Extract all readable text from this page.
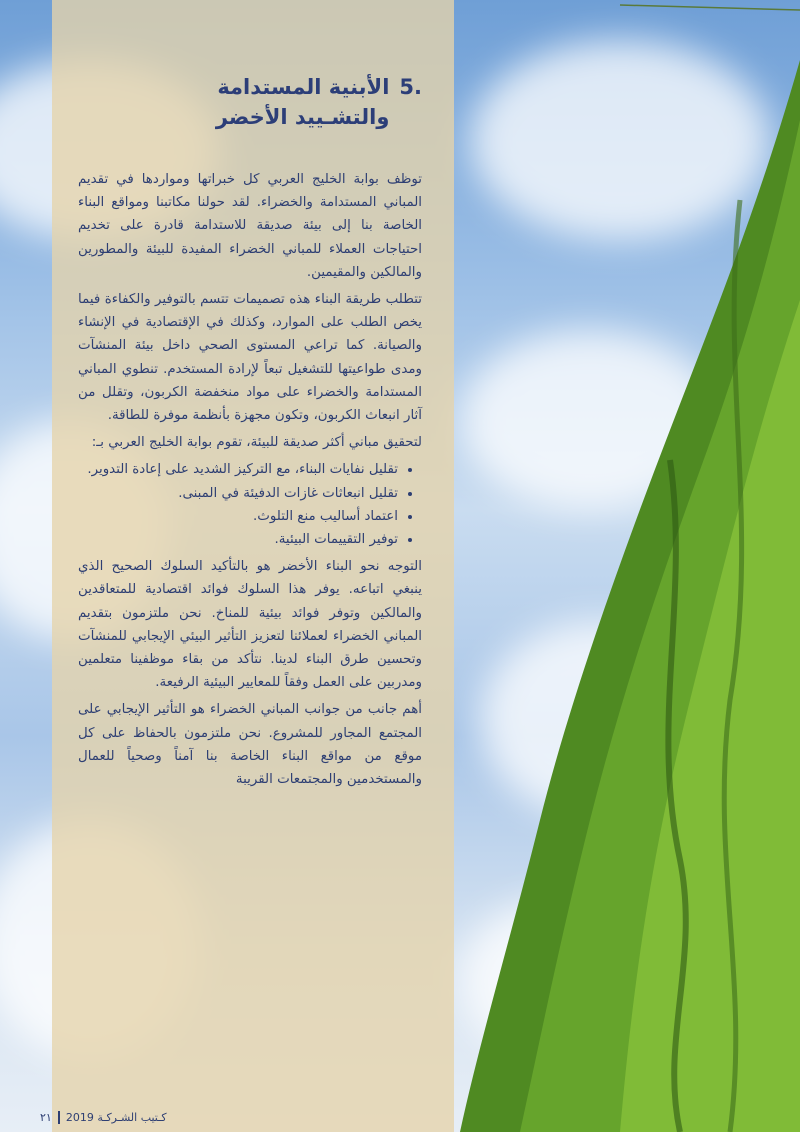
5.
الأبنية المستدامة
والتشـييد الأخضر

توظف بوابة الخليج العربي كل خبراتها ومواردها في تقديم المباني المستدامة والخضراء. لقد حولنا مكاتبنا ومواقع البناء الخاصة بنا إلى بيئة صديقة للاستدامة قادرة على تخديم احتياجات العملاء للمباني الخضراء المفيدة للبيئة والمطورين والمالكين والمقيمين.

تتطلب طريقة البناء هذه تصميمات تتسم بالتوفير والكفاءة فيما يخص الطلب على الموارد، وكذلك في الإقتصادية في الإنشاء والصيانة. كما تراعي المستوى الصحي داخل بيئة المنشآت ومدى طواعيتها للتشغيل تبعاً لإرادة المستخدم. تنطوي المباني المستدامة والخضراء على مواد منخفضة الكربون، وتقلل من آثار انبعاث الكربون، وتكون مجهزة بأنظمة موفرة للطاقة.

لتحقيق مباني أكثر صديقة للبيئة، تقوم بوابة الخليج العربي بـ:

• تقليل نفايات البناء، مع التركيز الشديد على إعادة التدوير.
• تقليل انبعاثات غازات الدفيئة في المبنى.
• اعتماد أساليب منع التلوث.
• توفير التقييمات البيئية.

التوجه نحو البناء الأخضر هو بالتأكيد السلوك الصحيح الذي ينبغي اتباعه. يوفر هذا السلوك فوائد اقتصادية للمتعاقدين والمالكين وتوفر فوائد بيئية للمناخ. نحن ملتزمون بتقديم المباني الخضراء لعملائنا لتعزيز التأثير البيئي الإيجابي للمنشآت وتحسين طرق البناء لدينا. نتأكد من بقاء موظفينا متعلمين ومدربين على العمل وفقاً للمعايير البيئية الرفيعة.

أهم جانب من جوانب المباني الخضراء هو التأثير الإيجابي على المجتمع المجاور للمشروع. نحن ملتزمون بالحفاظ على كل موقع من مواقع البناء الخاصة بنا آمناً وصحياً للعمال والمستخدمين والمجتمعات القريبة

٢١ كـتيب الشـركـة 2019
